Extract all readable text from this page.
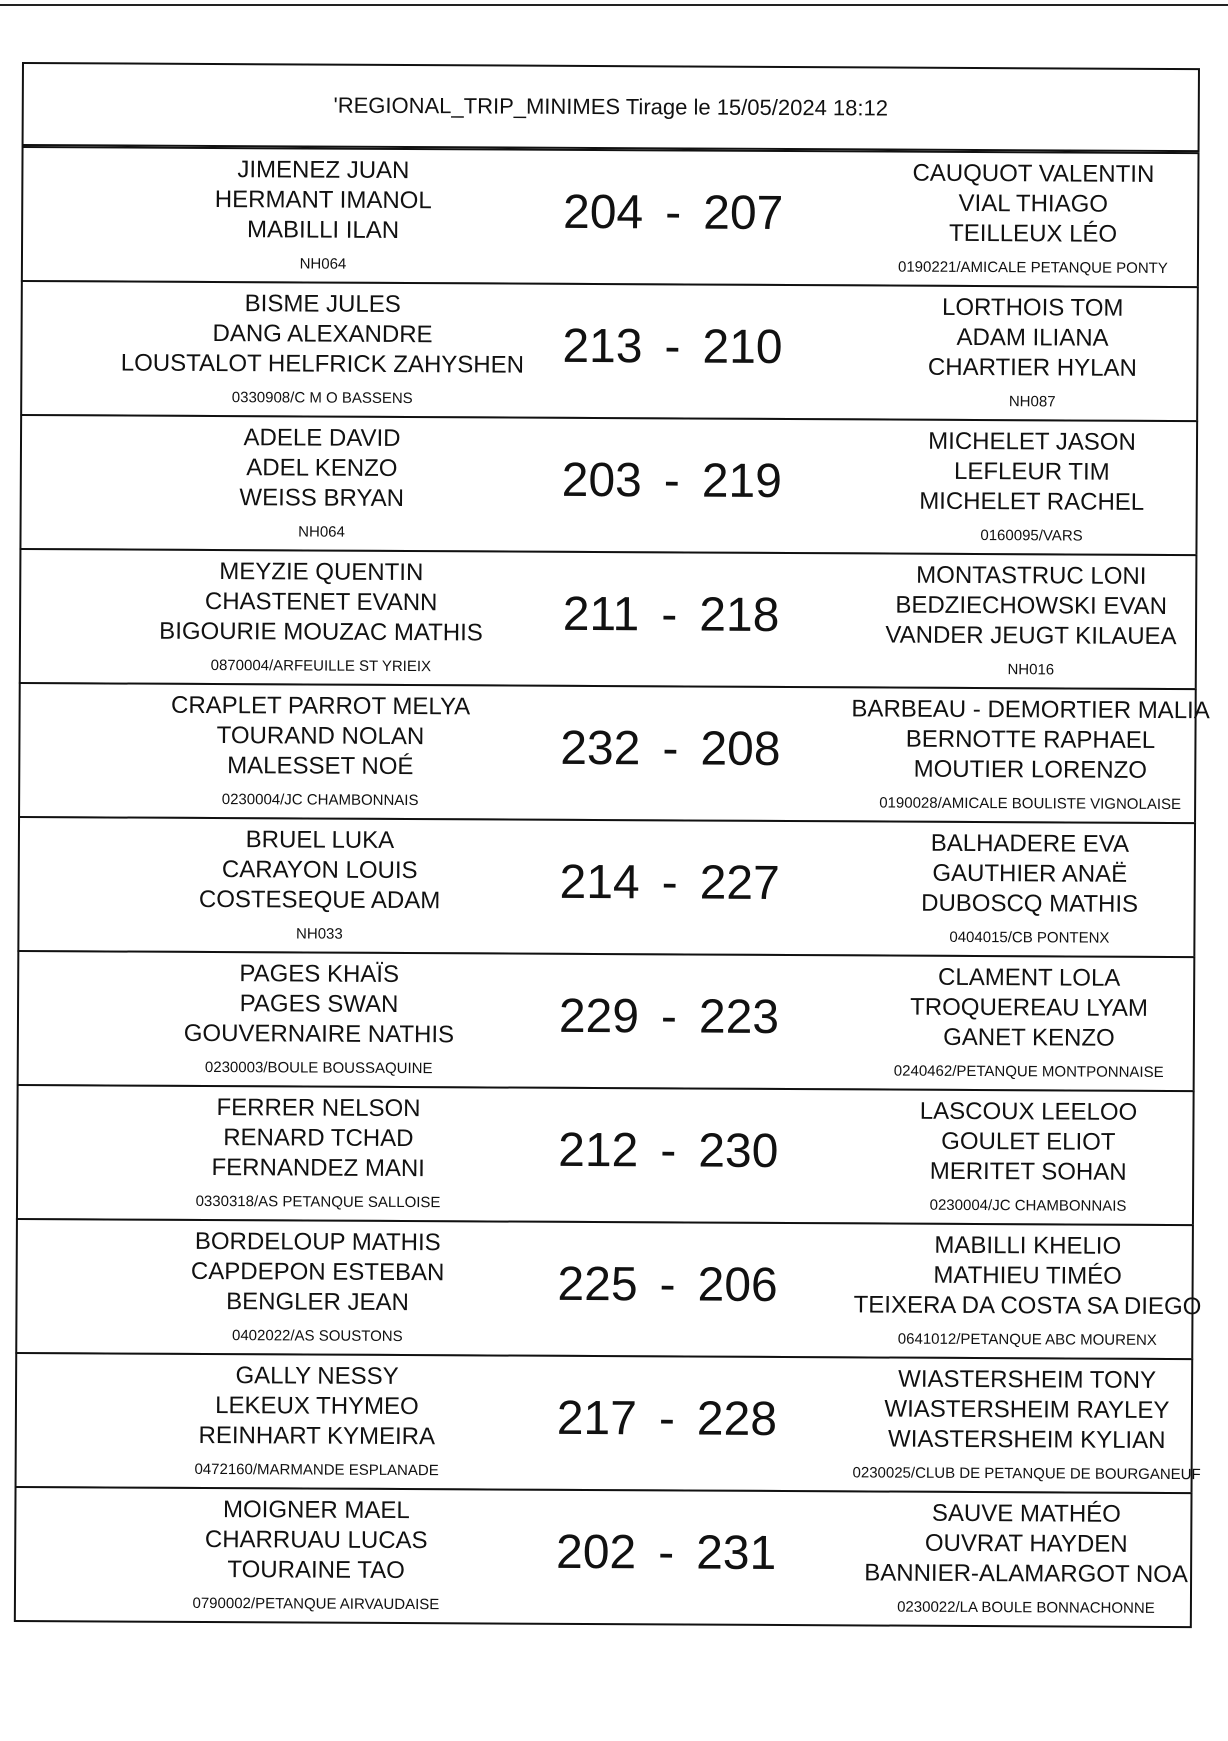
'REGIONAL_TRIP_MINIMES Tirage le 15/05/2024 18:12
JIMENEZ JUAN
HERMANT IMANOL
MABILLI ILAN
NH064
204 - 207
CAUQUOT VALENTIN
VIAL THIAGO
TEILLEUX LÉO
0190221/AMICALE PETANQUE PONTY
BISME JULES
DANG ALEXANDRE
LOUSTALOT HELFRICK ZAHYSHEN
0330908/C M O BASSENS
213 - 210
LORTHOIS TOM
ADAM ILIANA
CHARTIER HYLAN
NH087
ADELE DAVID
ADEL KENZO
WEISS BRYAN
NH064
203 - 219
MICHELET JASON
LEFLEUR TIM
MICHELET RACHEL
0160095/VARS
MEYZIE QUENTIN
CHASTENET EVANN
BIGOURIE MOUZAC MATHIS
0870004/ARFEUILLE ST YRIEIX
211 - 218
MONTASTRUC LONI
BEDZIECHOWSKI EVAN
VANDER JEUGT KILAUEA
NH016
CRAPLET PARROT MELYA
TOURAND NOLAN
MALESSET NOÉ
0230004/JC CHAMBONNAIS
232 - 208
BARBEAU - DEMORTIER MALIA
BERNOTTE RAPHAEL
MOUTIER LORENZO
0190028/AMICALE BOULISTE VIGNOLAISE
BRUEL LUKA
CARAYON LOUIS
COSTESEQUE ADAM
NH033
214 - 227
BALHADERE EVA
GAUTHIER ANAË
DUBOSCQ MATHIS
0404015/CB PONTENX
PAGES KHAÏS
PAGES SWAN
GOUVERNAIRE NATHIS
0230003/BOULE BOUSSAQUINE
229 - 223
CLAMENT LOLA
TROQUEREAU LYAM
GANET KENZO
0240462/PETANQUE MONTPONNAISE
FERRER NELSON
RENARD TCHAD
FERNANDEZ MANI
0330318/AS PETANQUE SALLOISE
212 - 230
LASCOUX LEELOO
GOULET ELIOT
MERITET SOHAN
0230004/JC CHAMBONNAIS
BORDELOUP MATHIS
CAPDEPON ESTEBAN
BENGLER JEAN
0402022/AS SOUSTONS
225 - 206
MABILLI KHELIO
MATHIEU TIMÉO
TEIXERA DA COSTA SA DIEGO
0641012/PETANQUE ABC MOURENX
GALLY NESSY
LEKEUX THYMEO
REINHART KYMEIRA
0472160/MARMANDE ESPLANADE
217 - 228
WIASTERSHEIM TONY
WIASTERSHEIM RAYLEY
WIASTERSHEIM KYLIAN
0230025/CLUB DE PETANQUE DE BOURGANEUF
MOIGNER MAEL
CHARRUAU LUCAS
TOURAINE TAO
0790002/PETANQUE AIRVAUDAISE
202 - 231
SAUVE MATHÉO
OUVRAT HAYDEN
BANNIER-ALAMARGOT NOA
0230022/LA BOULE BONNACHONNE
